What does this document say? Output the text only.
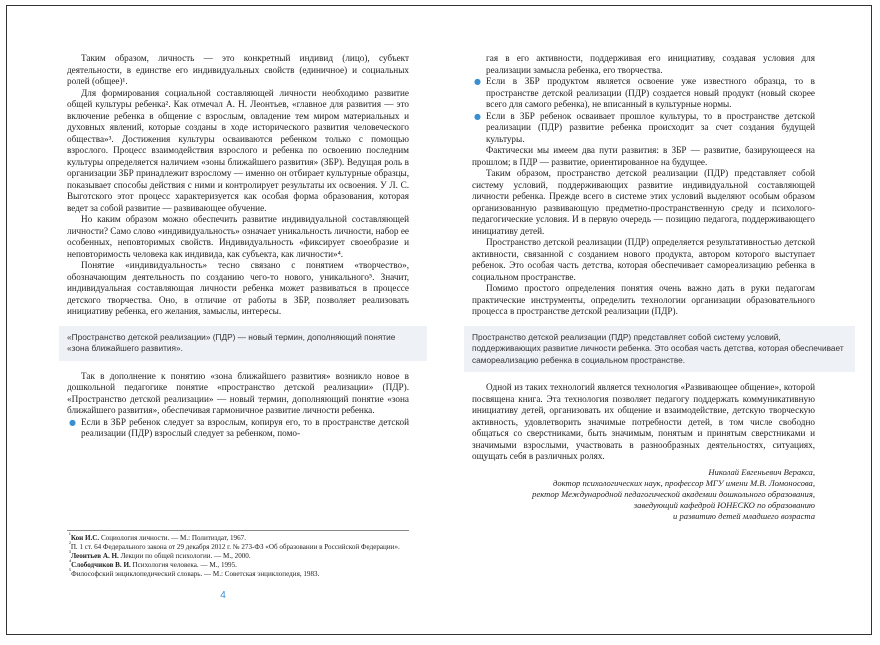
Таким образом, личность — это конкретный индивид (лицо), субъект деятельности, в единстве его индивидуальных свойств (единичное) и социальных ролей (общее)¹.

Для формирования социальной составляющей личности необходимо развитие общей культуры ребенка². Как отмечал А. Н. Леонтьев, «главное для развития — это включение ребенка в общение с взрослым, овладение тем миром материальных и духовных явлений, которые созданы в ходе исторического развития человеческого общества»³. Достижения культуры осваиваются ребенком только с помощью взрослого. Процесс взаимодействия взрослого и ребенка по освоению последним культуры определяется наличием «зоны ближайшего развития» (ЗБР). Ведущая роль в организации ЗБР принадлежит взрослому — именно он отбирает культурные образцы, показывает способы действия с ними и контролирует результаты их освоения. У Л. С. Выготского этот процесс характеризуется как особая форма образования, которая ведет за собой развитие — развивающее обучение.

Но каким образом можно обеспечить развитие индивидуальной составляющей личности? Само слово «индивидуальность» означает уникальность личности, набор ее особенных, неповторимых свойств. Индивидуальность «фиксирует своеобразие и неповторимость человека как индивида, как субъекта, как личности»⁴.

Понятие «индивидуальность» тесно связано с понятием «творчество», обозначающим деятельность по созданию чего-то нового, уникального⁵. Значит, индивидуальная составляющая личности ребенка может развиваться в процессе детского творчества. Оно, в отличие от работы в ЗБР, позволяет реализовать инициативу ребенка, его желания, замыслы, интересы.

«Пространство детской реализации» (ПДР) — новый термин, дополняющий понятие «зона ближайшего развития».

Так в дополнение к понятию «зона ближайшего развития» возникло новое в дошкольной педагогике понятие «пространство детской реализации» (ПДР). «Пространство детской реализации» — новый термин, дополняющий понятие «зона ближайшего развития», обеспечивая гармоничное развитие личности ребенка.

● Если в ЗБР ребенок следует за взрослым, копируя его, то в пространстве детской реализации (ПДР) взрослый следует за ребенком, помо-
$^{^1}$Кон И.С. Социология личности. — М.: Политиздат, 1967.
$^{^2}$П. 1 ст. 64 Федерального закона от 29 декабря 2012 г. № 273-ФЗ «Об образовании в Российской Федерации».
$^{^3}$Леонтьев А. Н. Лекции по общей психологии. — М., 2000.
$^{^4}$Слободчиков В. И. Психология человека. — М., 1995.
$^{^5}$Философский энциклопедический словарь. — М.: Советская энциклопедия, 1983.
4

гая в его активности, поддерживая его инициативу, создавая условия для реализации замысла ребенка, его творчества.

● Если в ЗБР продуктом является освоение уже известного образца, то в пространстве детской реализации (ПДР) создается новый продукт (новый скорее всего для самого ребенка), не вписанный в культурные нормы.
● Если в ЗБР ребенок осваивает прошлое культуры, то в пространстве детской реализации (ПДР) развитие ребенка происходит за счет создания будущей культуры.

Фактически мы имеем два пути развития: в ЗБР — развитие, базирующееся на прошлом; в ПДР — развитие, ориентированное на будущее.

Таким образом, пространство детской реализации (ПДР) представляет собой систему условий, поддерживающих развитие индивидуальной составляющей личности ребенка. Прежде всего в системе этих условий выделяют особым образом организованную развивающую предметно-пространственную среду и психолого-педагогические условия. И в первую очередь — позицию педагога, поддерживающего инициативу детей.

Пространство детской реализации (ПДР) определяется результативностью детской активности, связанной с созданием нового продукта, автором которого выступает ребенок. Это особая часть детства, которая обеспечивает самореализацию ребенка в социальном пространстве.

Помимо простого определения понятия очень важно дать в руки педагогам практические инструменты, определить технологии организации образовательного процесса в пространстве детской реализации (ПДР).

Пространство детской реализации (ПДР) представляет собой систему условий, поддерживающих развитие личности ребенка. Это особая часть детства, которая обеспечивает самореализацию ребенка в социальном пространстве.

Одной из таких технологий является технология «Развивающее общение», которой посвящена книга. Эта технология позволяет педагогу поддержать коммуникативную инициативу детей, организовать их общение и взаимодействие, детскую творческую активность, удовлетворить значимые потребности детей, в том числе свободно общаться со сверстниками, быть значимым, понятым и принятым сверстниками и значимыми взрослыми, участвовать в разнообразных деятельностях, ситуациях, ощущать себя в различных ролях.

Николай Евгеньевич Веракса,
доктор психологических наук, профессор МГУ имени М.В. Ломоносова,
ректор Международной педагогической академии дошкольного образования,
заведующий кафедрой ЮНЕСКО по образованию
и развитию детей младшего возраста
